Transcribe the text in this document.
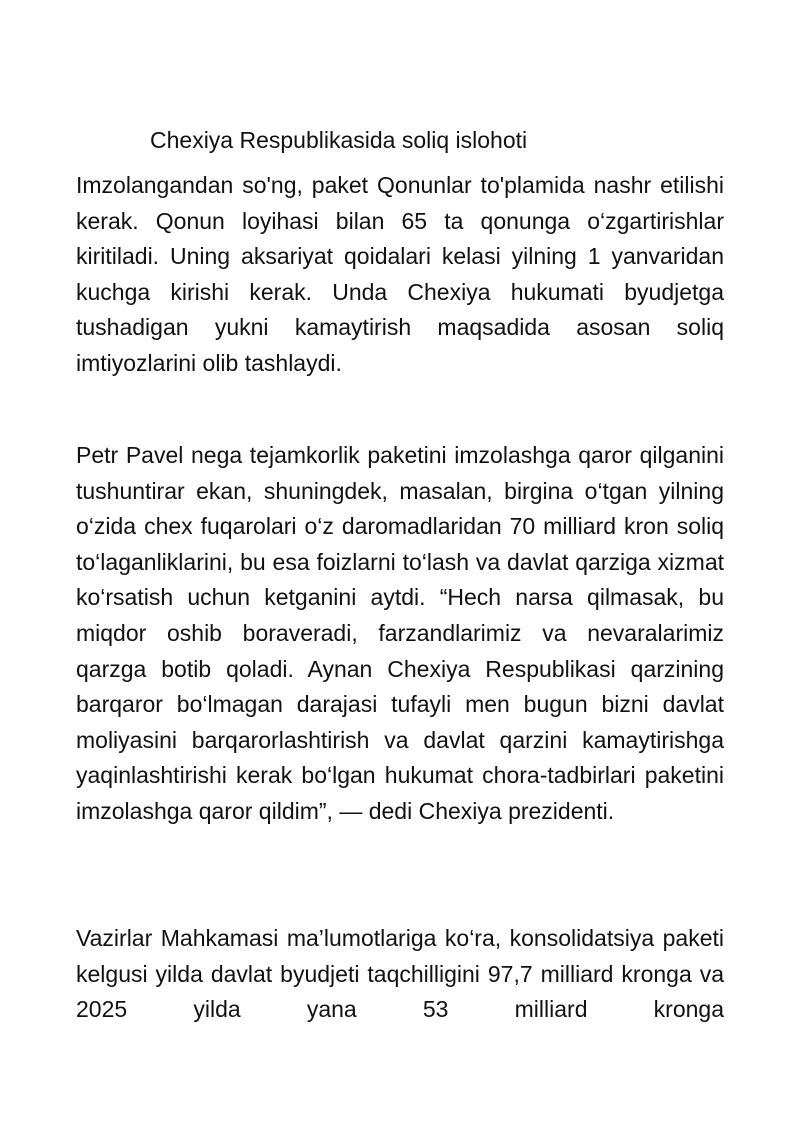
Chexiya Respublikasida soliq islohoti

Imzolangandan so'ng, paket Qonunlar to'plamida nashr etilishi kerak. Qonun loyihasi bilan 65 ta qonunga o‘zgartirishlar kiritiladi. Uning aksariyat qoidalari kelasi yilning 1 yanvaridan kuchga kirishi kerak. Unda Chexiya hukumati byudjetga tushadigan yukni kamaytirish maqsadida asosan soliq imtiyozlarini olib tashlaydi.

Petr Pavel nega tejamkorlik paketini imzolashga qaror qilganini tushuntirar ekan, shuningdek, masalan, birgina o‘tgan yilning o‘zida chex fuqarolari o‘z daromadlaridan 70 milliard kron soliq to‘laganliklarini, bu esa foizlarni to‘lash va davlat qarziga xizmat ko‘rsatish uchun ketganini aytdi. “Hech narsa qilmasak, bu miqdor oshib boraveradi, farzandlarimiz va nevaralarimiz qarzga botib qoladi. Aynan Chexiya Respublikasi qarzining barqaror bo‘lmagan darajasi tufayli men bugun bizni davlat moliyasini barqarorlashtirish va davlat qarzini kamaytirishga yaqinlashtirishi kerak bo‘lgan hukumat chora-tadbirlari paketini imzolashga qaror qildim”, — dedi Chexiya prezidenti.

Vazirlar Mahkamasi ma’lumotlariga ko‘ra, konsolidatsiya paketi kelgusi yilda davlat byudjeti taqchilligini 97,7 milliard kronga va 2025 yilda yana 53 milliard kronga
